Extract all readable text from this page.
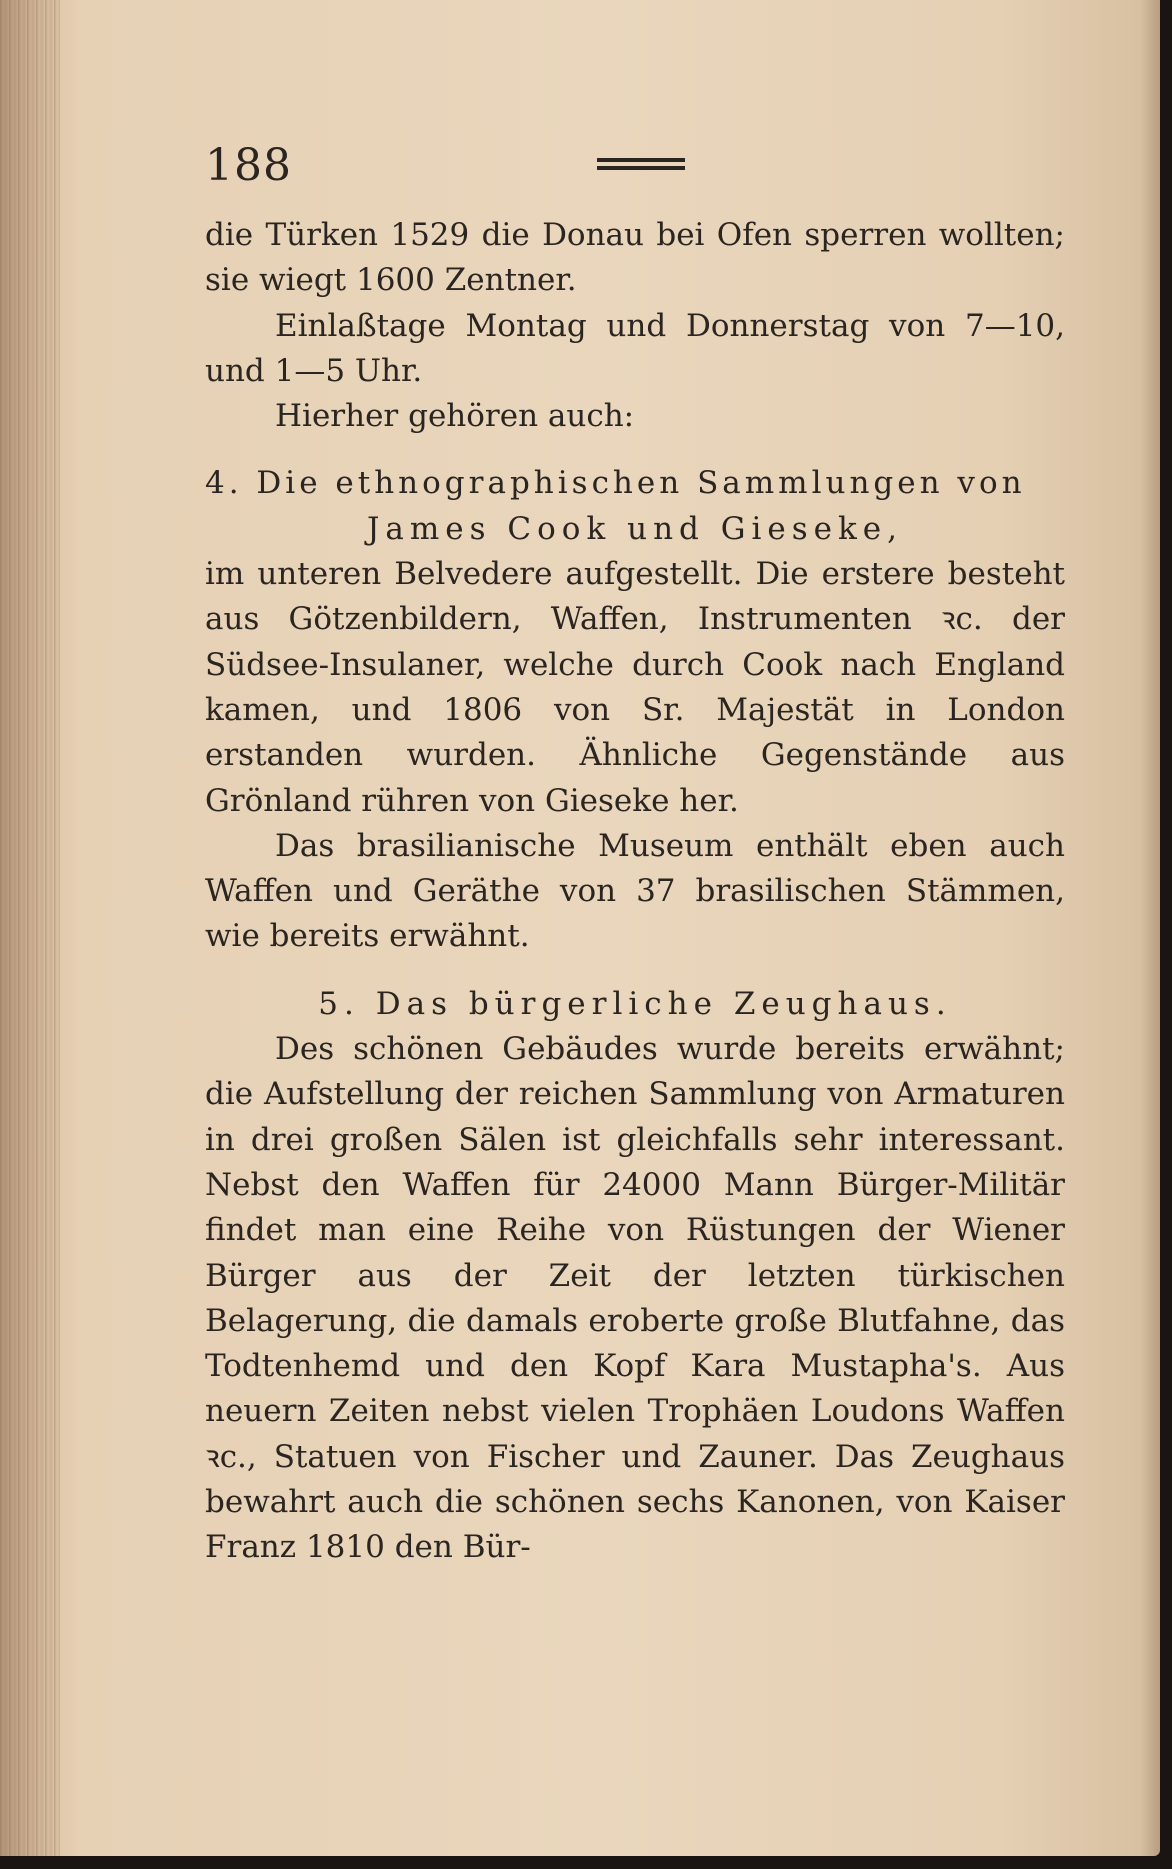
188

die Türken 1529 die Donau bei Ofen sperren wollten; sie wiegt 1600 Zentner.

Einlaßtage Montag und Donnerstag von 7—10, und 1—5 Uhr.

Hierher gehören auch:

4. Die ethnographischen Sammlungen von

James Cook und Gieseke,

im unteren Belvedere aufgestellt. Die erstere besteht aus Götzenbildern, Waffen, Instrumenten ꝛc. der Südsee-Insulaner, welche durch Cook nach England kamen, und 1806 von Sr. Majestät in London erstanden wurden. Ähnliche Gegenstände aus Grönland rühren von Gieseke her.

Das brasilianische Museum enthält eben auch Waffen und Geräthe von 37 brasilischen Stämmen, wie bereits erwähnt.

5. Das bürgerliche Zeughaus.

Des schönen Gebäudes wurde bereits erwähnt; die Aufstellung der reichen Sammlung von Armaturen in drei großen Sälen ist gleichfalls sehr interessant. Nebst den Waffen für 24000 Mann Bürger-Militär findet man eine Reihe von Rüstungen der Wiener Bürger aus der Zeit der letzten türkischen Belagerung, die damals eroberte große Blutfahne, das Todtenhemd und den Kopf Kara Mustapha's. Aus neuern Zeiten nebst vielen Trophäen Loudons Waffen ꝛc., Statuen von Fischer und Zauner. Das Zeughaus bewahrt auch die schönen sechs Kanonen, von Kaiser Franz 1810 den Bür-
